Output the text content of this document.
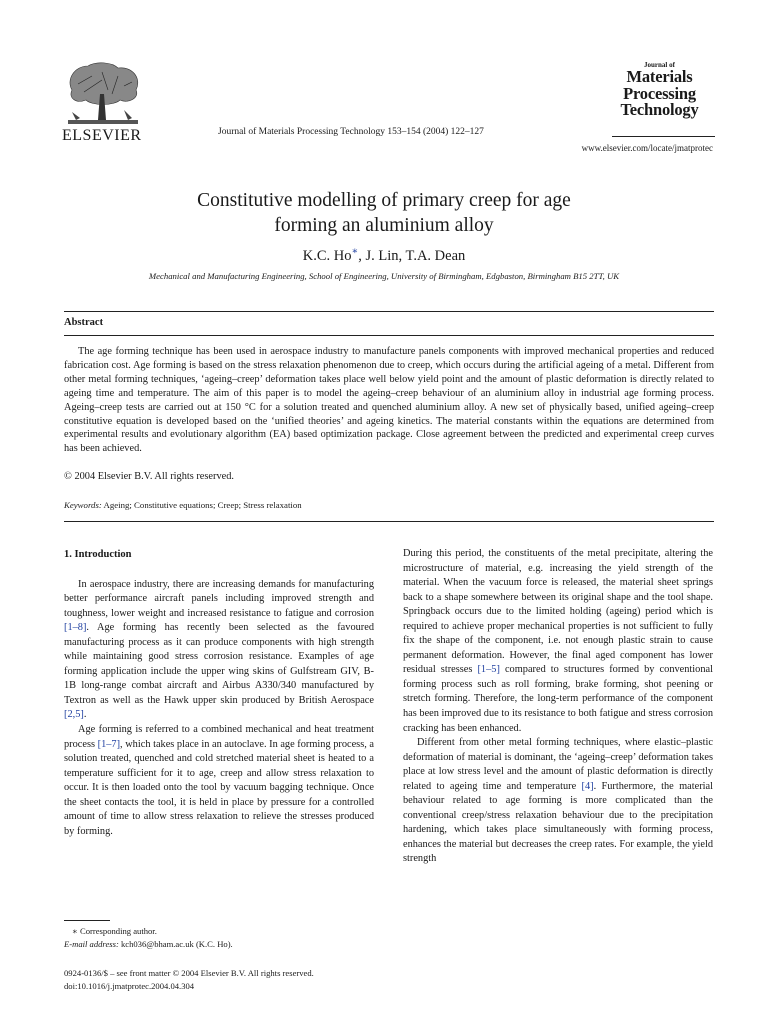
ELSEVIER	Journal of Materials Processing Technology 153–154 (2004) 122–127
Journal of
Materials
Processing
Technology
www.elsevier.com/locate/jmatprotec
Constitutive modelling of primary creep for age
forming an aluminium alloy
K.C. Ho∗, J. Lin, T.A. Dean
Mechanical and Manufacturing Engineering, School of Engineering, University of Birmingham, Edgbaston, Birmingham B15 2TT, UK
Abstract

The age forming technique has been used in aerospace industry to manufacture panels components with improved mechanical properties and reduced fabrication cost. Age forming is based on the stress relaxation phenomenon due to creep, which occurs during the artificial ageing of a metal. Different from other metal forming techniques, ‘ageing–creep’ deformation takes place well below yield point and the amount of plastic deformation is directly related to ageing time and temperature. The aim of this paper is to model the ageing–creep behaviour of an aluminium alloy in industrial age forming process. Ageing–creep tests are carried out at 150 °C for a solution treated and quenched aluminium alloy. A new set of physically based, unified ageing–creep constitutive equation is developed based on the ‘unified theories’ and ageing kinetics. The material constants within the equations are determined from experimental results and evolutionary algorithm (EA) based optimization package. Close agreement between the predicted and experimental creep curves has been achieved.

© 2004 Elsevier B.V. All rights reserved.
Keywords: Ageing; Constitutive equations; Creep; Stress relaxation
1. Introduction

In aerospace industry, there are increasing demands for manufacturing better performance aircraft panels including improved strength and toughness, lower weight and increased resistance to fatigue and corrosion [1–8]. Age forming has recently been selected as the favoured manufacturing process as it can produce components with high strength while maintaining good stress corrosion resistance. Examples of age forming application include the upper wing skins of Gulfstream GIV, B-1B long-range combat aircraft and Airbus A330/340 manufactured by Textron as well as the Hawk upper skin produced by British Aerospace [2,5].

Age forming is referred to a combined mechanical and heat treatment process [1–7], which takes place in an autoclave. In age forming process, a solution treated, quenched and cold stretched material sheet is heated to a temperature sufficient for it to age, creep and allow stress relaxation to occur. It is then loaded onto the tool by vacuum bagging technique. Once the sheet contacts the tool, it is held in place by pressure for a controlled amount of time to allow stress relaxation to relieve the stresses produced by forming.

During this period, the constituents of the metal precipitate, altering the microstructure of material, e.g. increasing the yield strength of the material. When the vacuum force is released, the material sheet springs back to a shape somewhere between its original shape and the tool shape. Springback occurs due to the limited holding (ageing) period which is required to achieve proper mechanical properties is not sufficient to fully fix the shape of the component, i.e. not enough plastic strain to cause permanent deformation. However, the final aged component has lower residual stresses [1–5] compared to structures formed by conventional forming process such as roll forming, brake forming, shot peening or stretch forming. Therefore, the long-term performance of the component has been improved due to its resistance to both fatigue and stress corrosion cracking has been enhanced.

Different from other metal forming techniques, where elastic–plastic deformation of material is dominant, the ‘ageing–creep’ deformation takes place at low stress level and the amount of plastic deformation is directly related to ageing time and temperature [4]. Furthermore, the material behaviour related to age forming is more complicated than the conventional creep/stress relaxation behaviour due to the precipitation hardening, which takes place simultaneously with forming process, enhances the material but decreases the creep rates. For example, the yield strength

∗ Corresponding author.
E-mail address: kch036@bham.ac.uk (K.C. Ho).
0924-0136/$ – see front matter © 2004 Elsevier B.V. All rights reserved.
doi:10.1016/j.jmatprotec.2004.04.304
